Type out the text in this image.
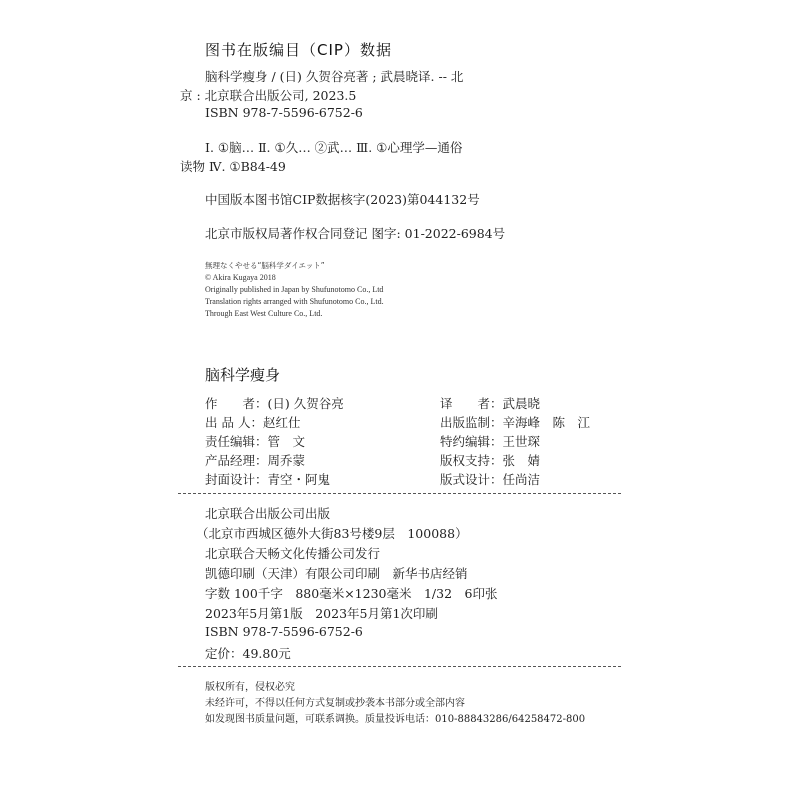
图书在版编目（CIP）数据
脑科学瘦身 / (日) 久贺谷亮著 ; 武晨晓译. -- 北
京 : 北京联合出版公司, 2023.5
ISBN 978-7-5596-6752-6
Ⅰ. ①脑… Ⅱ. ①久… ②武… Ⅲ. ①心理学—通俗
读物 Ⅳ. ①B84-49
中国版本图书馆CIP数据核字(2023)第044132号
北京市版权局著作权合同登记 图字: 01-2022-6984号
無理なくやせる“脳科学ダイエット”
© Akira Kugaya 2018
Originally published in Japan by Shufunotomo Co., Ltd
Translation rights arranged with Shufunotomo Co., Ltd.
Through East West Culture Co., Ltd.
脑科学瘦身
作　　者：(日) 久贺谷亮
出 品 人：赵红仕
责任编辑：管　文
产品经理：周乔蒙
封面设计：青空・阿鬼
译　　者：武晨晓
出版监制：辛海峰　陈　江
特约编辑：王世琛
版权支持：张　婧
版式设计：任尚洁
北京联合出版公司出版
（北京市西城区德外大街83号楼9层　100088）
北京联合天畅文化传播公司发行
凯德印刷（天津）有限公司印刷　新华书店经销
字数 100千字　880毫米×1230毫米　1/32　6印张
2023年5月第1版　2023年5月第1次印刷
ISBN 978-7-5596-6752-6
定价：49.80元
版权所有，侵权必究
未经许可，不得以任何方式复制或抄袭本书部分或全部内容
如发现图书质量问题，可联系调换。质量投诉电话：010-88843286/64258472-800
